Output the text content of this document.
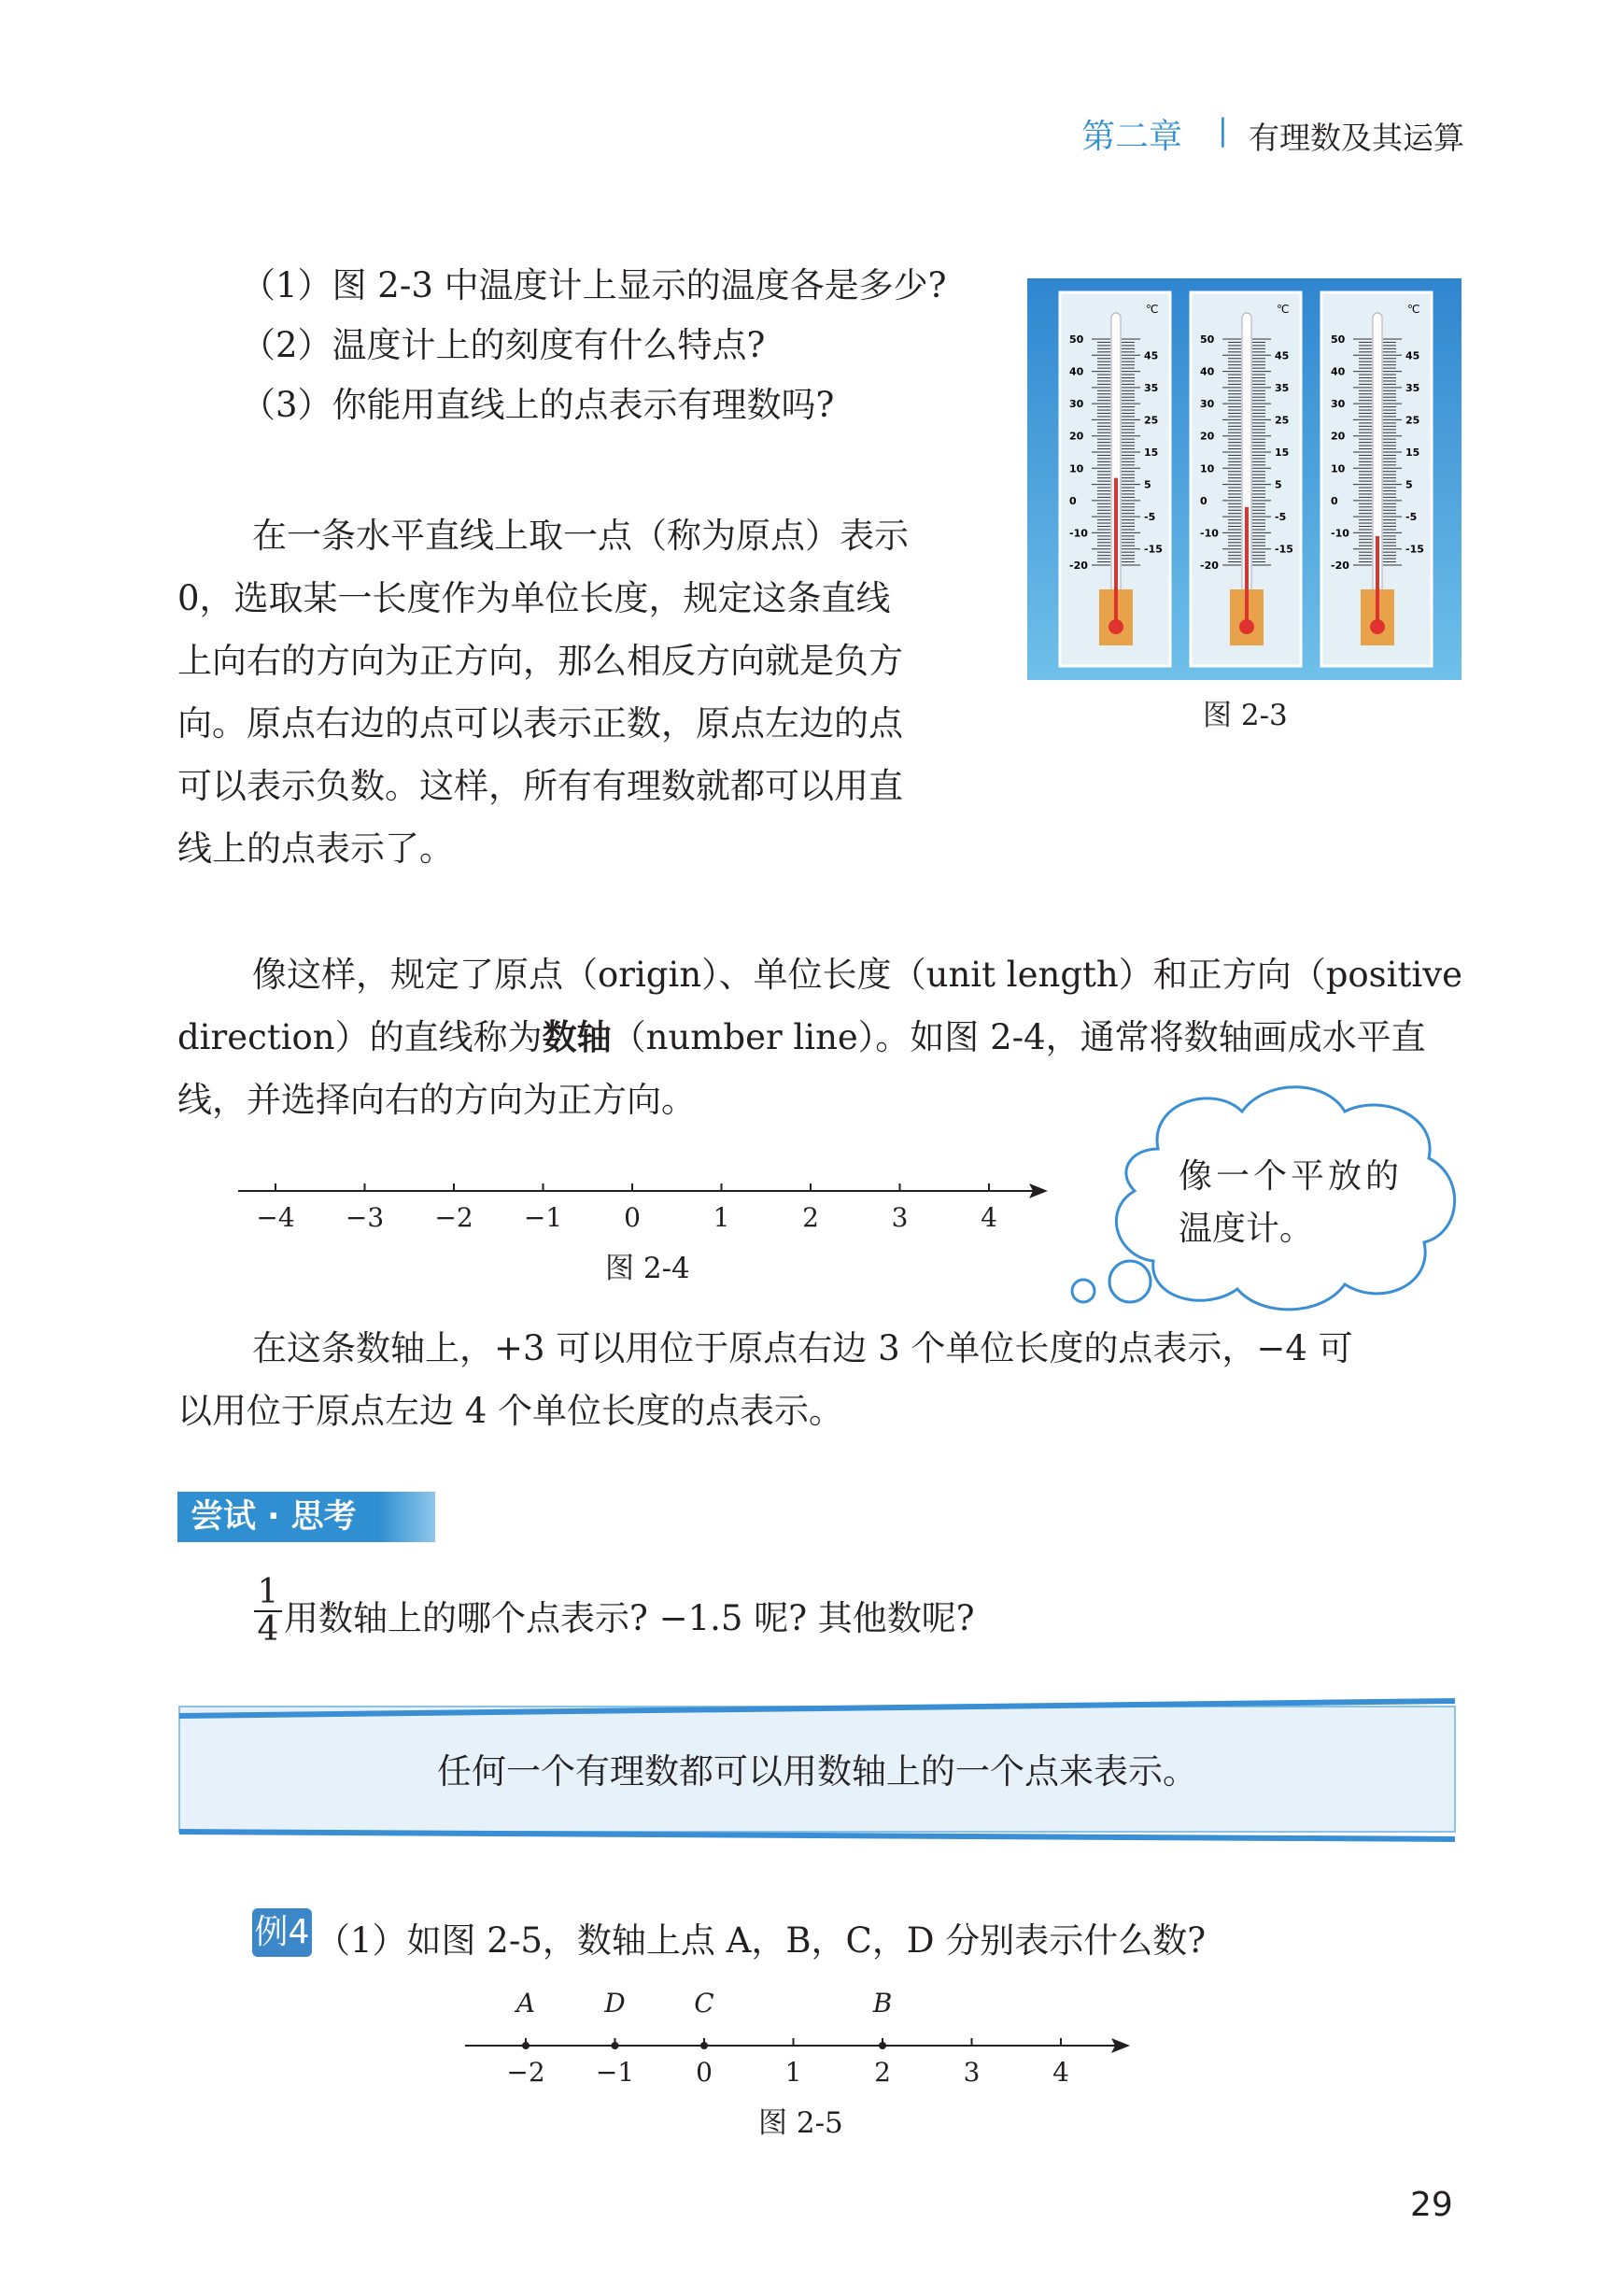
第二章 | 有理数及其运算
（1）图 2-3 中温度计上显示的温度各是多少?
（2）温度计上的刻度有什么特点?
（3）你能用直线上的点表示有理数吗?
在一条水平直线上取一点（称为原点）表示
0，选取某一长度作为单位长度，规定这条直线
上向右的方向为正方向，那么相反方向就是负方
向。原点右边的点可以表示正数，原点左边的点
可以表示负数。这样，所有有理数就都可以用直
线上的点表示了。
℃
50
40
30
20
10
0
-10
-20
45
35
25
15
5
-5
-15
℃
50
40
30
20
10
0
-10
-20
45
35
25
15
5
-5
-15
℃
50
40
30
20
10
0
-10
-20
45
35
25
15
5
-5
-15
图 2-3
像这样，规定了原点（origin）、单位长度（unit length）和正方向（positive
direction）的直线称为数轴（number line）。如图 2-4，通常将数轴画成水平直
线，并选择向右的方向为正方向。
−4 −3 −2 −1 0	1	2	3	4
图 2-4
像一个平放的
温度计。
在这条数轴上，+3 可以用位于原点右边 3 个单位长度的点表示，−4 可
以用位于原点左边 4 个单位长度的点表示。
尝试 · 思考
$\frac{1}{4}$ 用数轴上的哪个点表示? −1.5 呢? 其他数呢?
任何一个有理数都可以用数轴上的一个点来表示。
例4 （1）如图 2-5，数轴上点 A，B，C，D 分别表示什么数?
−2 −1 0	1	2	3	4
A	D	C	B
图 2-5
29
